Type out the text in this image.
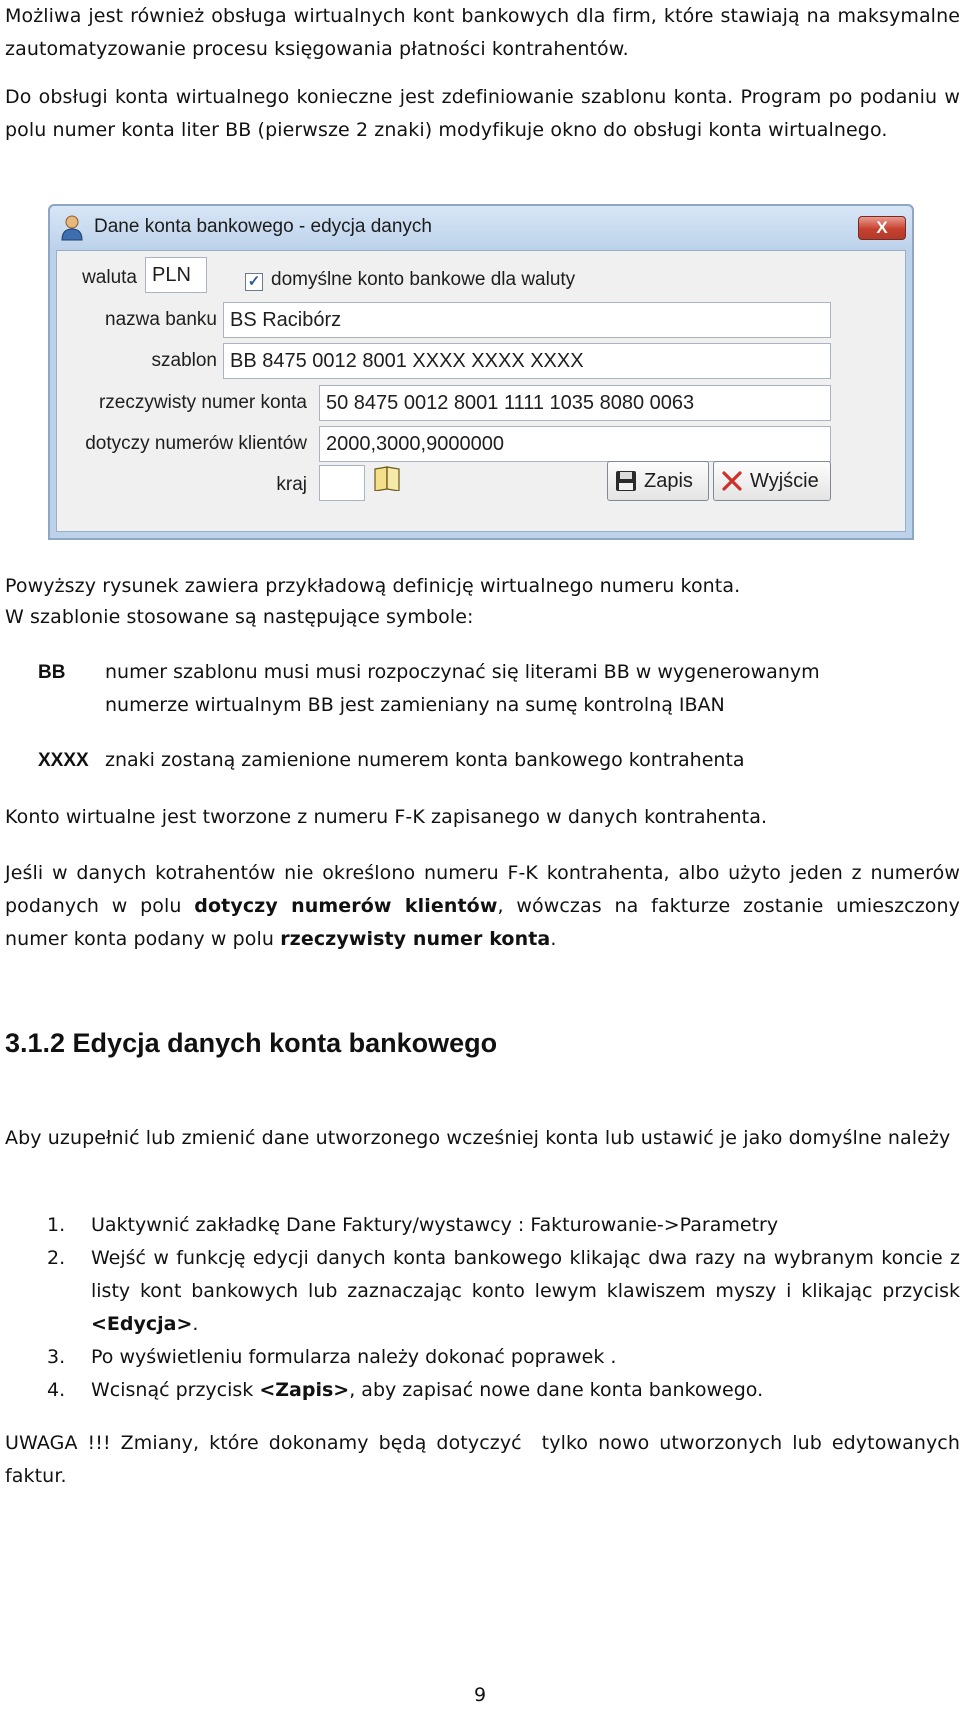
Możliwa jest również obsługa wirtualnych kont bankowych dla firm, które stawiają na maksymalne zautomatyzowanie procesu księgowania płatności kontrahentów.

Do obsługi konta wirtualnego konieczne jest zdefiniowanie szablonu konta. Program po podaniu w polu numer konta liter BB (pierwsze 2 znaki) modyfikuje okno do obsługi konta wirtualnego.

Dane konta bankowego - edycja danych	X
waluta PLN	✓ domyślne konto bankowe dla waluty
nazwa banku BS Racibórz
szablon BB 8475 0012 8001 XXXX XXXX XXXX
rzeczywisty numer konta 50 8475 0012 8001 1111 1035 8080 0063
dotyczy numerów klientów 2000,3000,9000000
kraj	Zapis	Wyjście

Powyższy rysunek zawiera przykładową definicję wirtualnego numeru konta.

W szablonie stosowane są następujące symbole:

BB numer szablonu musi musi rozpoczynać się literami BB w wygenerowanym numerze wirtualnym BB jest zamieniany na sumę kontrolną IBAN
XXXX znaki zostaną zamienione numerem konta bankowego kontrahenta

Konto wirtualne jest tworzone z numeru F-K zapisanego w danych kontrahenta.

Jeśli w danych kotrahentów nie określono numeru F-K kontrahenta, albo użyto jeden z numerów podanych w polu dotyczy numerów klientów, wówczas na fakturze zostanie umieszczony numer konta podany w polu rzeczywisty numer konta.

3.1.2 Edycja danych konta bankowego

Aby uzupełnić lub zmienić dane utworzonego wcześniej konta lub ustawić je jako domyślne należy

1. Uaktywnić zakładkę Dane Faktury/wystawcy : Fakturowanie->Parametry
2. Wejść w funkcję edycji danych konta bankowego klikając dwa razy na wybranym koncie z listy kont bankowych lub zaznaczając konto lewym klawiszem myszy i klikając przycisk <Edycja>.
3. Po wyświetleniu formularza należy dokonać poprawek .
4. Wcisnąć przycisk <Zapis>, aby zapisać nowe dane konta bankowego.

UWAGA !!! Zmiany, które dokonamy będą dotyczyć  tylko nowo utworzonych lub edytowanych faktur.

9
